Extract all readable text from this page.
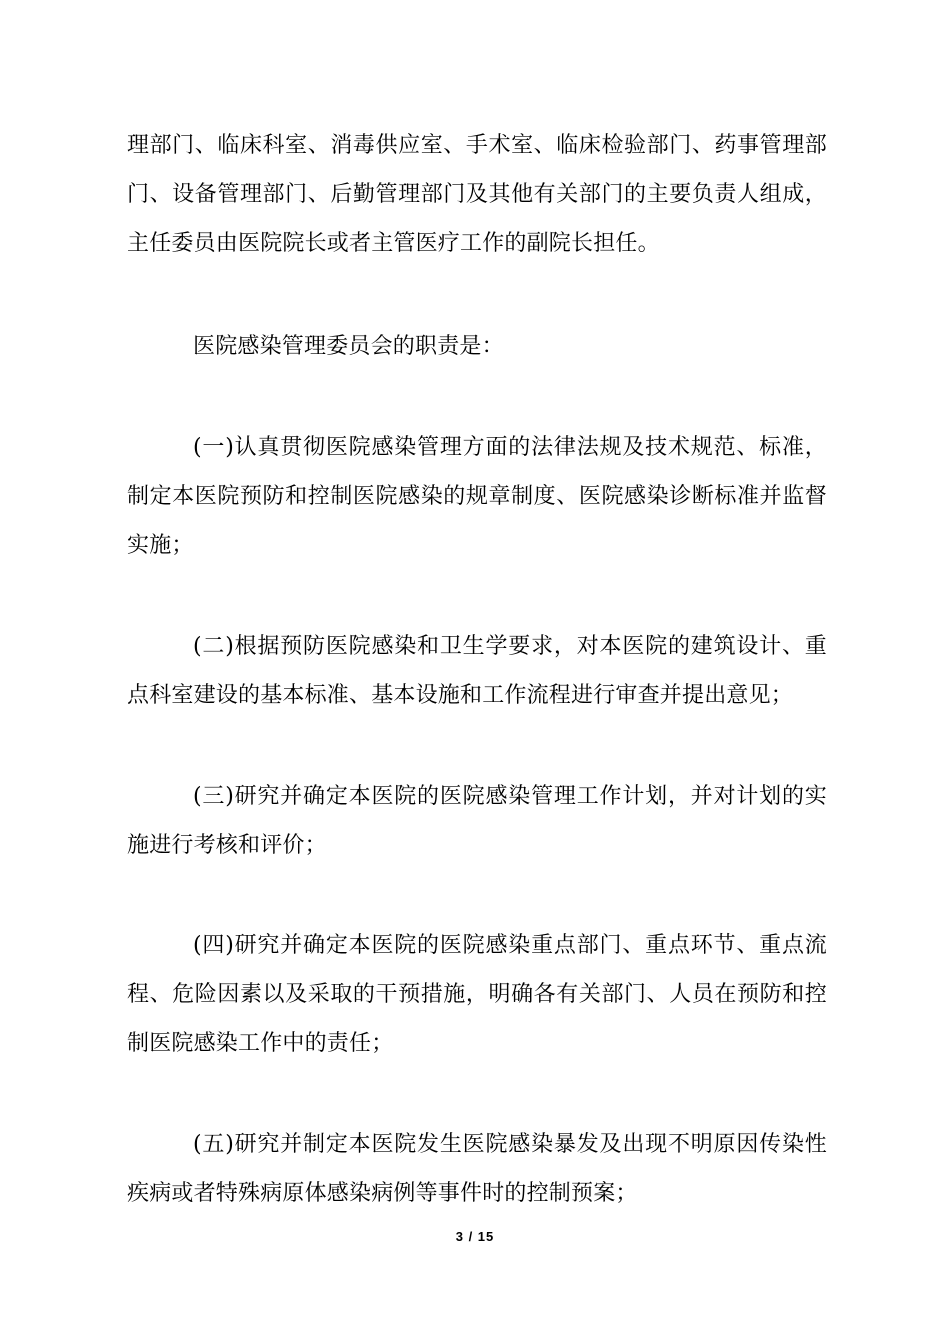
理部门、临床科室、消毒供应室、手术室、临床检验部门、药事管理部门、设备管理部门、后勤管理部门及其他有关部门的主要负责人组成，主任委员由医院院长或者主管医疗工作的副院长担任。

医院感染管理委员会的职责是：

(一)认真贯彻医院感染管理方面的法律法规及技术规范、标准，制定本医院预防和控制医院感染的规章制度、医院感染诊断标准并监督实施；

(二)根据预防医院感染和卫生学要求，对本医院的建筑设计、重点科室建设的基本标准、基本设施和工作流程进行审查并提出意见；

(三)研究并确定本医院的医院感染管理工作计划，并对计划的实施进行考核和评价；

(四)研究并确定本医院的医院感染重点部门、重点环节、重点流程、危险因素以及采取的干预措施，明确各有关部门、人员在预防和控制医院感染工作中的责任；

(五)研究并制定本医院发生医院感染暴发及出现不明原因传染性疾病或者特殊病原体感染病例等事件时的控制预案；

3 / 15
